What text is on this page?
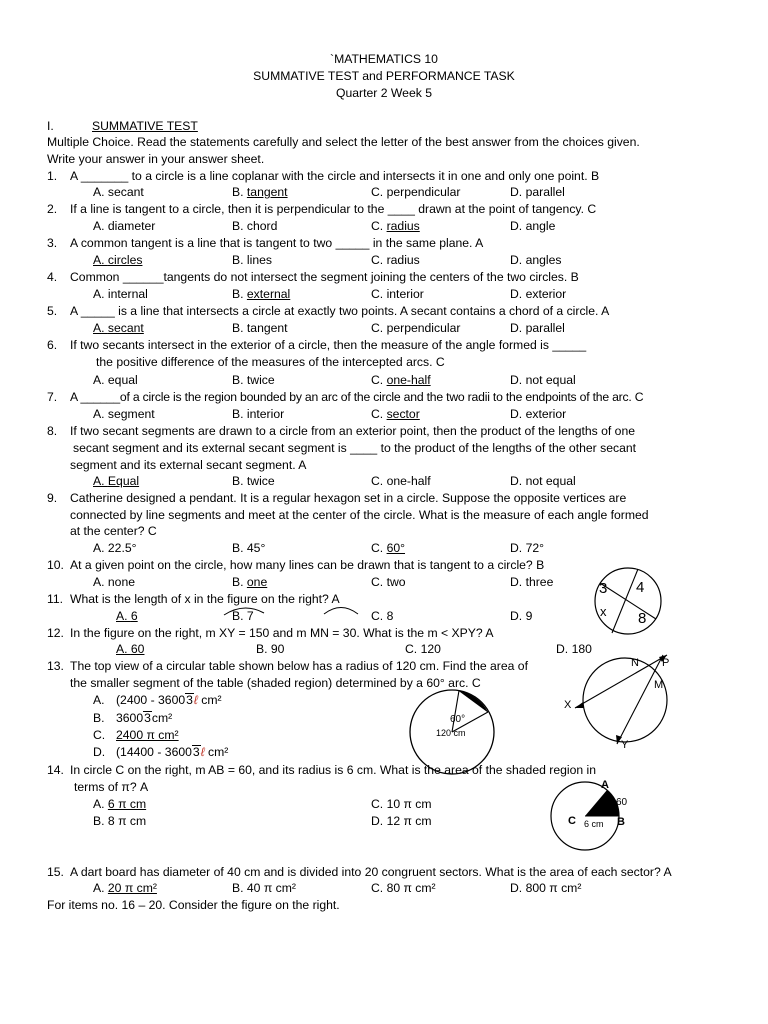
`MATHEMATICS 10
SUMMATIVE TEST and PERFORMANCE TASK
Quarter 2 Week 5
I.	SUMMATIVE TEST
Multiple Choice. Read the statements carefully and select the letter of the best answer from the choices given.
Write your answer in your answer sheet.
1. A _______ to a circle is a line coplanar with the circle and intersects it in one and only one point. B
A. secant	B. tangent	C. perpendicular	D. parallel
2. If a line is tangent to a circle, then it is perpendicular to the ____ drawn at the point of tangency. C
A. diameter	B. chord	C. radius	D. angle
3. A common tangent is a line that is tangent to two _____ in the same plane. A
A. circles	B. lines	C. radius	D. angles
4. Common ______tangents do not intersect the segment joining the centers of the two circles. B
A. internal	B. external	C. interior	D. exterior
5. A _____ is a line that intersects a circle at exactly two points. A secant contains a chord of a circle. A
A. secant	B. tangent	C. perpendicular	D. parallel
6. If two secants intersect in the exterior of a circle, then the measure of the angle formed is _____
the positive difference of the measures of the intercepted arcs. C
A. equal	B. twice	C. one-half	D. not equal
7. A ______of a circle is the region bounded by an arc of the circle and the two radii to the endpoints of the arc. C
A. segment	B. interior	C. sector	D. exterior
8. If two secant segments are drawn to a circle from an exterior point, then the product of the lengths of one
secant segment and its external secant segment is ____ to the product of the lengths of the other secant
segment and its external secant segment. A
A. Equal	B. twice	C. one-half	D. not equal
9. Catherine designed a pendant. It is a regular hexagon set in a circle. Suppose the opposite vertices are
connected by line segments and meet at the center of the circle. What is the measure of each angle formed
at the center? C
A. 22.5°	B. 45°	C. 60°	D. 72°
10. At a given point on the circle, how many lines can be drawn that is tangent to a circle? B
A. none	B. one	C. two	D. three
11. What is the length of x in the figure on the right? A
A. 6	B. 7	C. 8	D. 9
12. In the figure on the right, m XY = 150 and m MN = 30. What is the m < XPY? A
A. 60	B. 90	C. 120	D. 180
13. The top view of a circular table shown below has a radius of 120 cm. Find the area of
the smaller segment of the table (shaded region) determined by a 60° arc. C
A. (2400 - 36003ℓ cm²
B. 36003cm²
C. 2400 π cm²
D. (14400 - 36003ℓ cm²
14. In circle C on the right, m AB = 60, and its radius is 6 cm. What is the area of the shaded region in
terms of π? A
A. 6 π cm
B. 8 π cm
C. 10 π cm
D. 12 π cm
15. A dart board has diameter of 40 cm and is divided into 20 congruent sectors. What is the area of each sector? A
A. 20 π cm²	B. 40 π cm²	C. 80 π cm²	D. 800 π cm²
For items no. 16 – 20. Consider the figure on the right.
3 4
x 8
N P
M
X
Y
60°
120 cm
A
B
C
60
6 cm
